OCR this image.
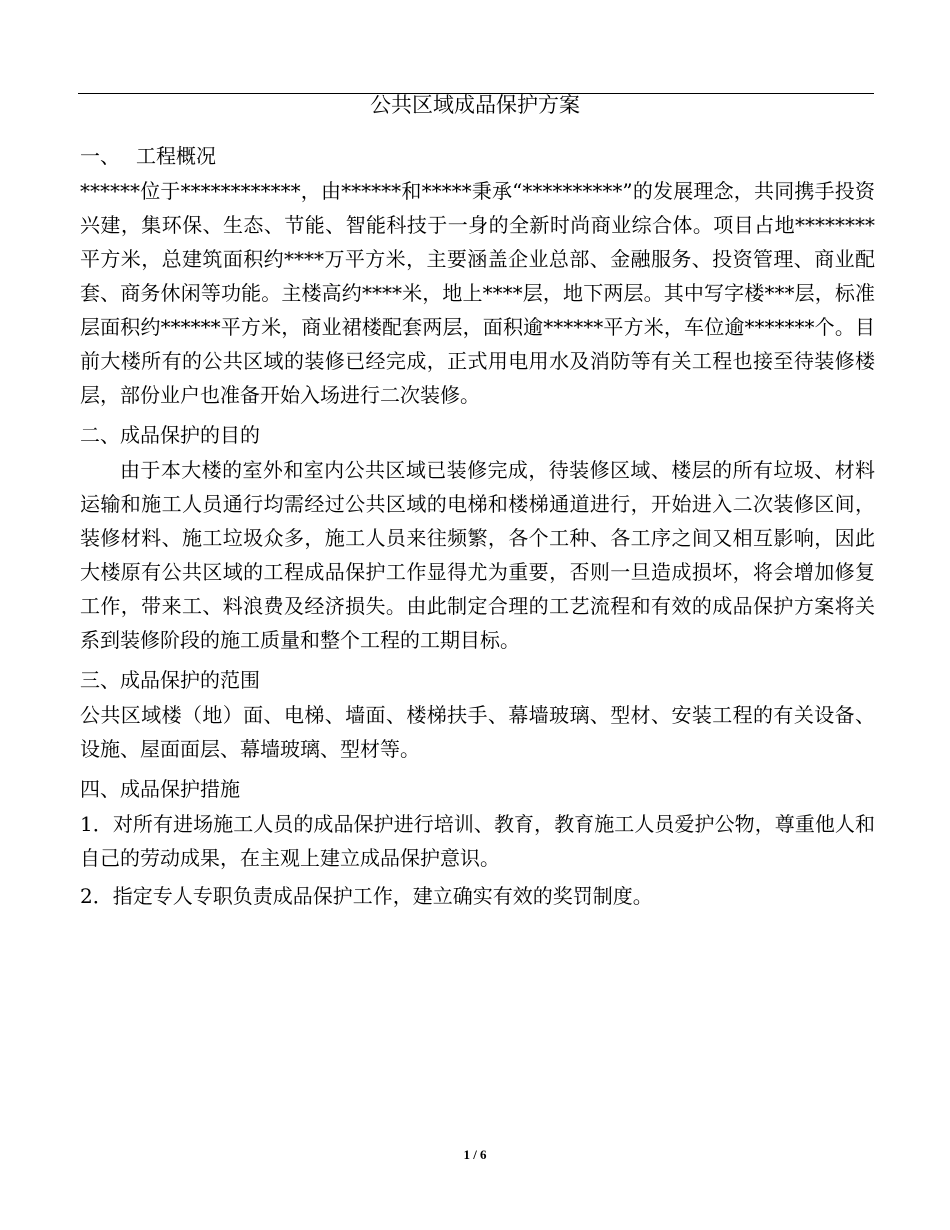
公共区域成品保护方案

一、 工程概况

******位于************，由******和*****秉承“**********”的发展理念，共同携手投资兴建，集环保、生态、节能、智能科技于一身的全新时尚商业综合体。项目占地********平方米，总建筑面积约****万平方米，主要涵盖企业总部、金融服务、投资管理、商业配套、商务休闲等功能。主楼高约****米，地上****层，地下两层。其中写字楼***层，标准层面积约******平方米，商业裙楼配套两层，面积逾******平方米，车位逾*******个。目前大楼所有的公共区域的装修已经完成，正式用电用水及消防等有关工程也接至待装修楼层，部份业户也准备开始入场进行二次装修。

二、 成品保护的目的

由于本大楼的室外和室内公共区域已装修完成，待装修区域、楼层的所有垃圾、材料运输和施工人员通行均需经过公共区域的电梯和楼梯通道进行，开始进入二次装修区间，装修材料、施工垃圾众多，施工人员来往频繁，各个工种、各工序之间又相互影响，因此大楼原有公共区域的工程成品保护工作显得尤为重要，否则一旦造成损坏，将会增加修复工作，带来工、料浪费及经济损失。由此制定合理的工艺流程和有效的成品保护方案将关系到装修阶段的施工质量和整个工程的工期目标。

三、 成品保护的范围

公共区域楼（地）面、电梯、墙面、楼梯扶手、幕墙玻璃、型材、安装工程的有关设备、设施、屋面面层、幕墙玻璃、型材等。

四、 成品保护措施

1．对所有进场施工人员的成品保护进行培训、教育，教育施工人员爱护公物，尊重他人和自己的劳动成果，在主观上建立成品保护意识。

2．指定专人专职负责成品保护工作，建立确实有效的奖罚制度。

1 / 6
